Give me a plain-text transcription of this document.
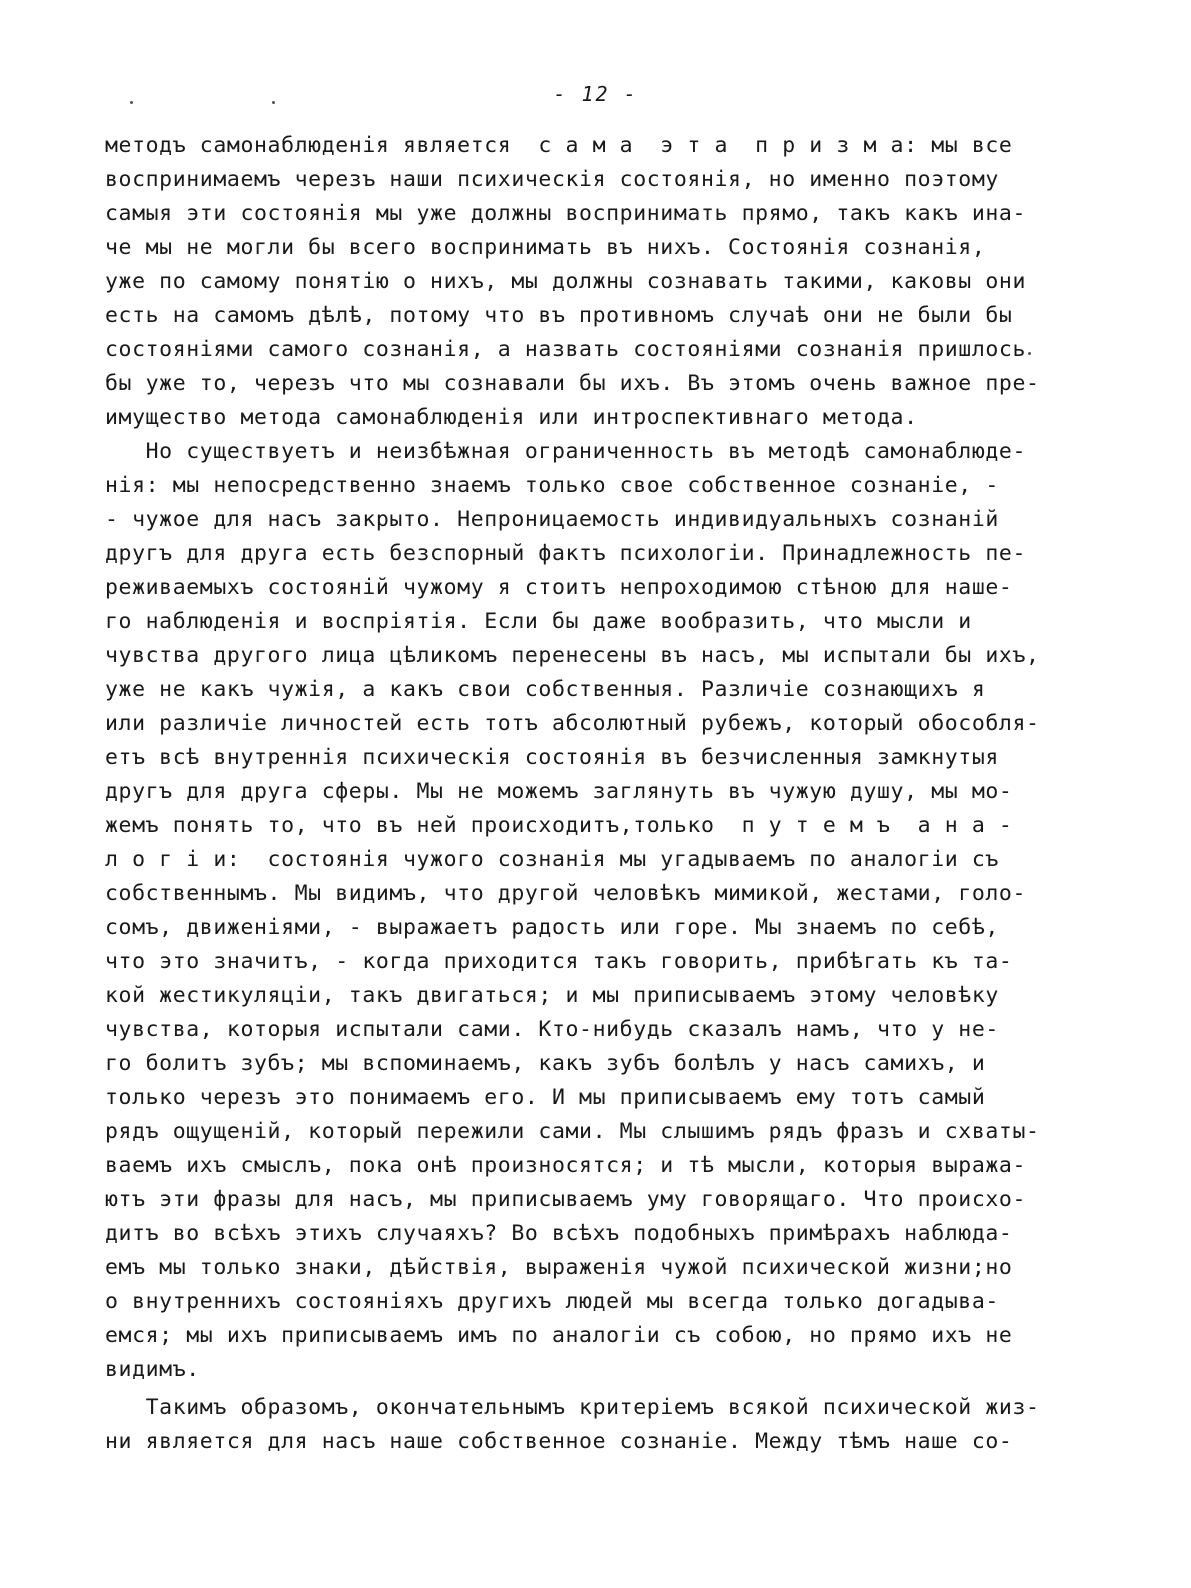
- 12 -
методъ самонаблюденія является  с а м а  э т а  п р и з м а: мы все
воспринимаемъ черезъ наши психическія состоянія, но именно поэтому
самыя эти состоянія мы уже должны воспринимать прямо, такъ какъ ина-
че мы не могли бы всего воспринимать въ нихъ. Состоянія сознанія,
уже по самому понятію о нихъ, мы должны сознавать такими, каковы они
есть на самомъ дѣлѣ, потому что въ противномъ случаѣ они не были бы
состояніями самого сознанія, а назвать состояніями сознанія пришлось
бы уже то, черезъ что мы сознавали бы ихъ. Въ этомъ очень важное пре-
имущество метода самонаблюденія или интроспективнаго метода.
Но существуетъ и неизбѣжная ограниченность въ методѣ самонаблюде-
нія: мы непосредственно знаемъ только свое собственное сознаніе, -
- чужое для насъ закрыто. Непроницаемость индивидуальныхъ сознаній
другъ для друга есть безспорный фактъ психологіи. Принадлежность пе-
реживаемыхъ состояній чужому я стоитъ непроходимою стѣною для наше-
го наблюденія и воспріятія. Если бы даже вообразить, что мысли и
чувства другого лица цѣликомъ перенесены въ насъ, мы испытали бы ихъ,
уже не какъ чужія, а какъ свои собственныя. Различіе сознающихъ я
или различіе личностей есть тотъ абсолютный рубежъ, который обособля-
етъ всѣ внутреннія психическія состоянія въ безчисленныя замкнутыя
другъ для друга сферы. Мы не можемъ заглянуть въ чужую душу, мы мо-
жемъ понять то, что въ ней происходитъ,только  п у т е м ъ  а н а -
л о г і и:  состоянія чужого сознанія мы угадываемъ по аналогіи съ
собственнымъ. Мы видимъ, что другой человѣкъ мимикой, жестами, голо-
сомъ, движеніями, - выражаетъ радость или горе. Мы знаемъ по себѣ,
что это значитъ, - когда приходится такъ говорить, прибѣгать къ та-
кой жестикуляціи, такъ двигаться; и мы приписываемъ этому человѣку
чувства, которыя испытали сами. Кто-нибудь сказалъ намъ, что у не-
го болитъ зубъ; мы вспоминаемъ, какъ зубъ болѣлъ у насъ самихъ, и
только черезъ это понимаемъ его. И мы приписываемъ ему тотъ самый
рядъ ощущеній, который пережили сами. Мы слышимъ рядъ фразъ и схваты-
ваемъ ихъ смыслъ, пока онѣ произносятся; и тѣ мысли, которыя выража-
ютъ эти фразы для насъ, мы приписываемъ уму говорящаго. Что происхо-
дитъ во всѣхъ этихъ случаяхъ? Во всѣхъ подобныхъ примѣрахъ наблюда-
емъ мы только знаки, дѣйствія, выраженія чужой психической жизни;но
о внутреннихъ состояніяхъ другихъ людей мы всегда только догадыва-
емся; мы ихъ приписываемъ имъ по аналогіи съ собою, но прямо ихъ не
видимъ.
Такимъ образомъ, окончательнымъ критеріемъ всякой психической жиз-
ни является для насъ наше собственное сознаніе. Между тѣмъ наше со-
